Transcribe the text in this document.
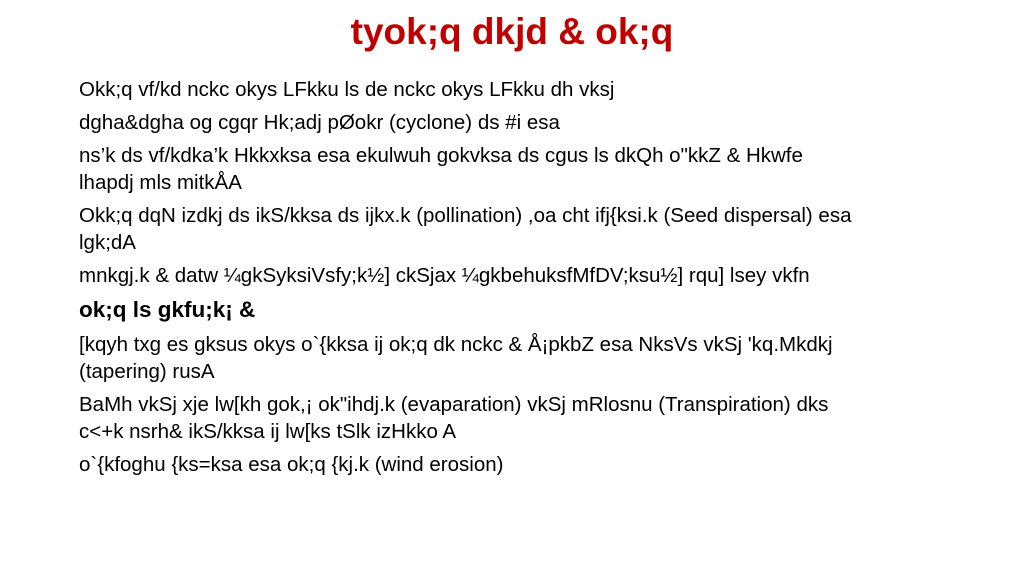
tyok;q dkjd & ok;q
Okk;q vf/kd nckc okys LFkku ls de nckc okys LFkku dh vksj
dgha&dgha og cgqr Hk;adj pØokr (cyclone) ds #i esa
ns’k ds vf/kdka’k Hkkxksa esa ekulwuh gokvksa ds cgus ls dkQh o"kkZ & Hkwfe
lhapdj mls mitkÅA
Okk;q dqN izdkj ds ikS/kksa ds ijkx.k (pollination) ,oa cht ifj{ksi.k (Seed dispersal) esa
lgk;dA
mnkgj.k & datw ¼gkSyksiVsfy;k½] ckSjax ¼gkbehuksfMfDV;ksu½] rqu] lsey vkfn
ok;q ls gkfu;k¡ &
[kqyh txg es gksus okys o`{kksa ij ok;q dk nckc & Å¡pkbZ esa NksVs vkSj 'kq.Mkdkj
(tapering) rusA
BaMh vkSj xje lw[kh gok,¡ ok"ihdj.k (evaparation) vkSj mRlosnu (Transpiration) dks
c<+k nsrh& ikS/kksa ij lw[ks tSlk izHkko A
o`{kfoghu {ks=ksa esa ok;q {kj.k (wind erosion)
